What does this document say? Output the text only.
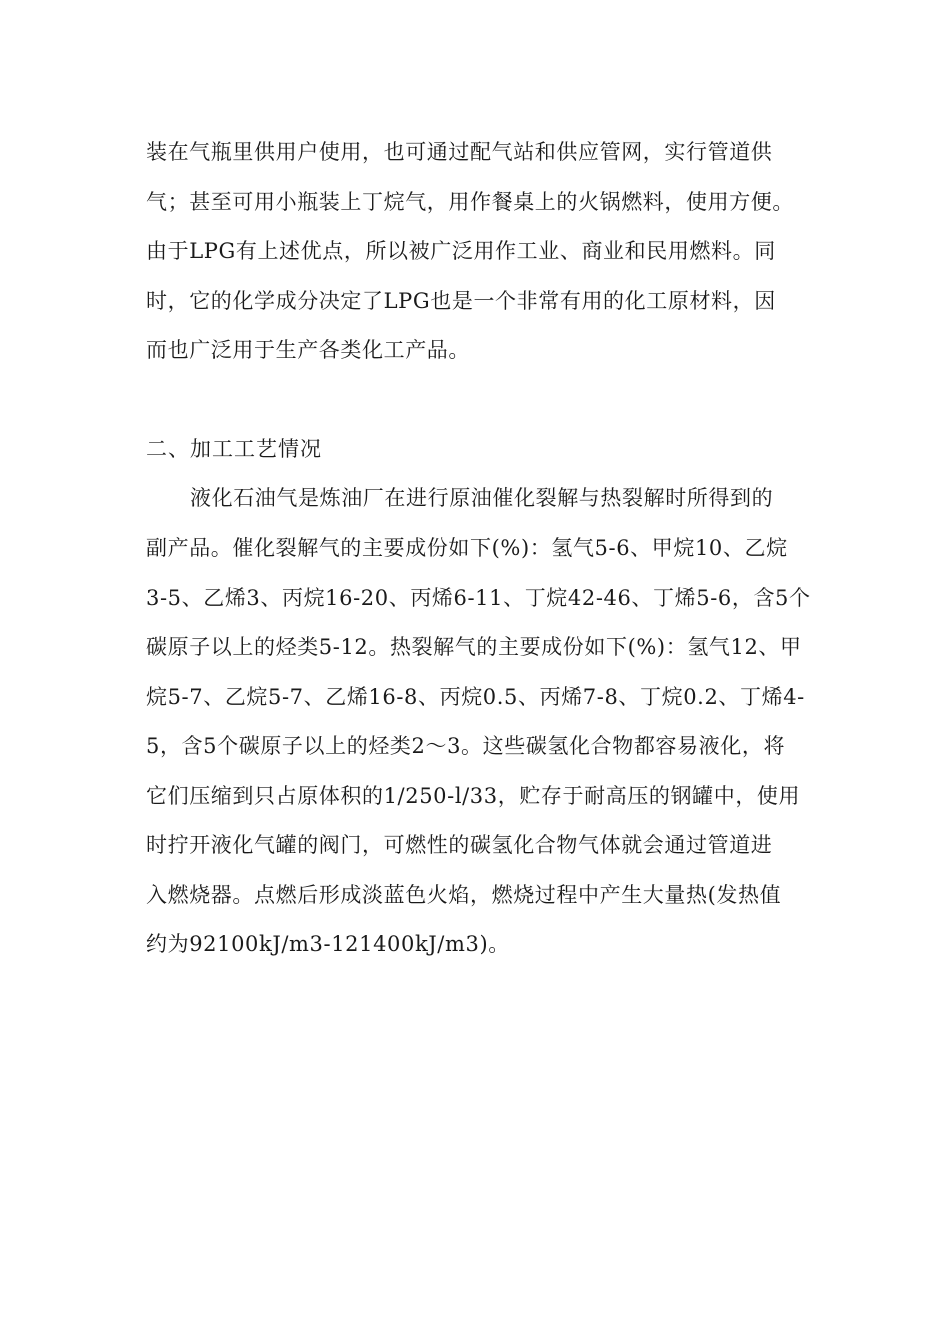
装在气瓶里供用户使用，也可通过配气站和供应管网，实行管道供
气；甚至可用小瓶装上丁烷气，用作餐桌上的火锅燃料，使用方便。
由于LPG有上述优点，所以被广泛用作工业、商业和民用燃料。同
时，它的化学成分决定了LPG也是一个非常有用的化工原材料，因
而也广泛用于生产各类化工产品。
二、加工工艺情况
液化石油气是炼油厂在进行原油催化裂解与热裂解时所得到的
副产品。催化裂解气的主要成份如下(%)：氢气5-6、甲烷10、乙烷
3-5、乙烯3、丙烷16-20、丙烯6-11、丁烷42-46、丁烯5-6，含5个
碳原子以上的烃类5-12。热裂解气的主要成份如下(%)：氢气12、甲
烷5-7、乙烷5-7、乙烯16-8、丙烷0.5、丙烯7-8、丁烷0.2、丁烯4-
5，含5个碳原子以上的烃类2～3。这些碳氢化合物都容易液化，将
它们压缩到只占原体积的1/250-l/33，贮存于耐高压的钢罐中，使用
时拧开液化气罐的阀门，可燃性的碳氢化合物气体就会通过管道进
入燃烧器。点燃后形成淡蓝色火焰，燃烧过程中产生大量热(发热值
约为92100kJ/m3-121400kJ/m3)。
